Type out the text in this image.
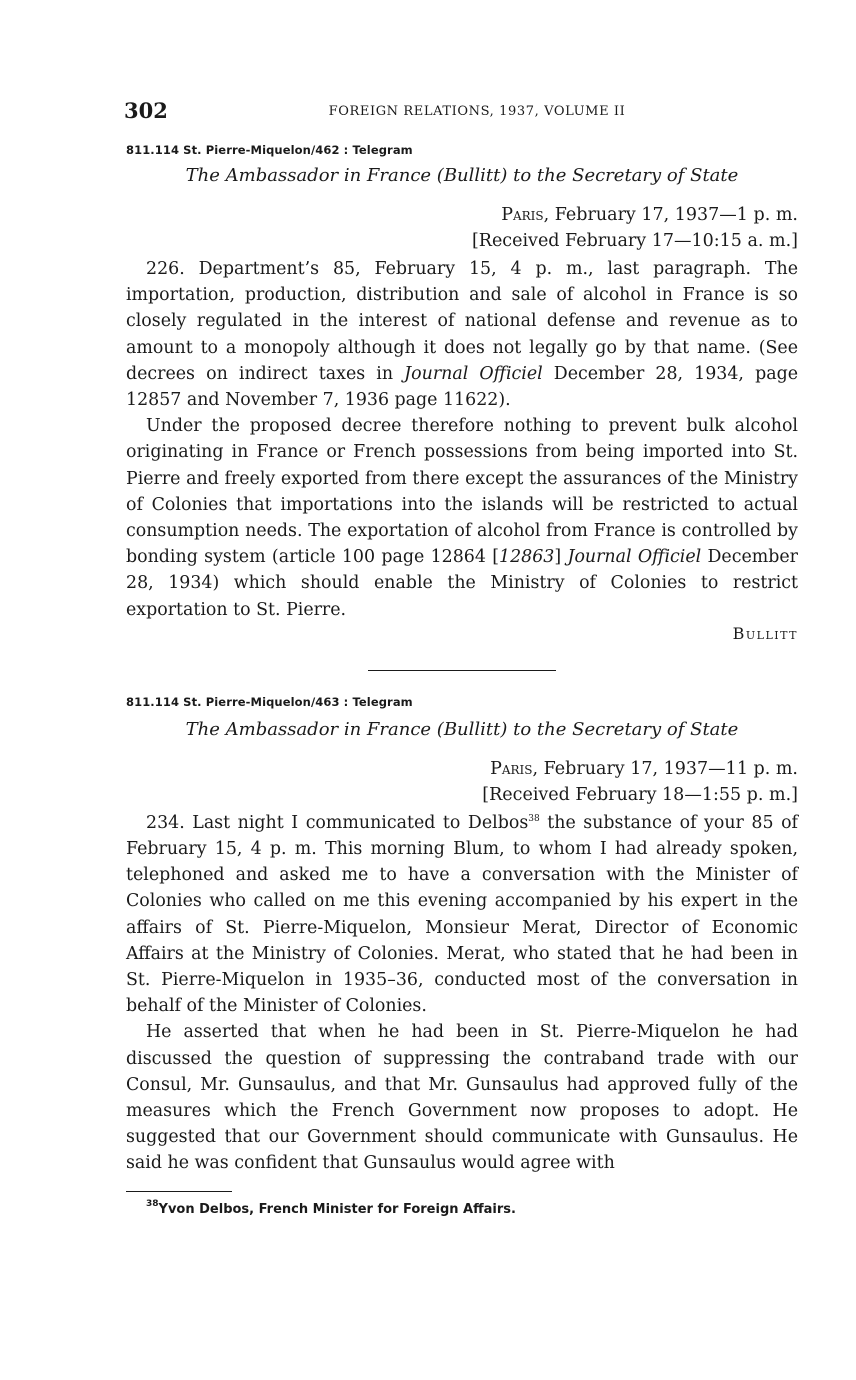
302	FOREIGN RELATIONS, 1937, VOLUME II
811.114 St. Pierre-Miquelon/462 : Telegram
The Ambassador in France (Bullitt) to the Secretary of State
Paris, February 17, 1937—1 p. m.
[Received February 17—10:15 a. m.]

226. Department’s 85, February 15, 4 p. m., last paragraph. The importation, production, distribution and sale of alcohol in France is so closely regulated in the interest of national defense and revenue as to amount to a monopoly although it does not legally go by that name. (See decrees on indirect taxes in Journal Officiel December 28, 1934, page 12857 and November 7, 1936 page 11622).

Under the proposed decree therefore nothing to prevent bulk alcohol originating in France or French possessions from being imported into St. Pierre and freely exported from there except the assurances of the Ministry of Colonies that importations into the islands will be restricted to actual consumption needs. The exportation of alcohol from France is controlled by bonding system (article 100 page 12864 [12863] Journal Officiel December 28, 1934) which should enable the Ministry of Colonies to restrict exportation to St. Pierre.

Bullitt
811.114 St. Pierre-Miquelon/463 : Telegram
The Ambassador in France (Bullitt) to the Secretary of State
Paris, February 17, 1937—11 p. m.
[Received February 18—1:55 p. m.]

234. Last night I communicated to Delbos$^{38}$ the substance of your 85 of February 15, 4 p. m. This morning Blum, to whom I had already spoken, telephoned and asked me to have a conversation with the Minister of Colonies who called on me this evening accompanied by his expert in the affairs of St. Pierre-Miquelon, Monsieur Merat, Director of Economic Affairs at the Ministry of Colonies. Merat, who stated that he had been in St. Pierre-Miquelon in 1935–36, conducted most of the conversation in behalf of the Minister of Colonies.

He asserted that when he had been in St. Pierre-Miquelon he had discussed the question of suppressing the contraband trade with our Consul, Mr. Gunsaulus, and that Mr. Gunsaulus had approved fully of the measures which the French Government now proposes to adopt. He suggested that our Government should communicate with Gunsaulus. He said he was confident that Gunsaulus would agree with

$^{38}$Yvon Delbos, French Minister for Foreign Affairs.
